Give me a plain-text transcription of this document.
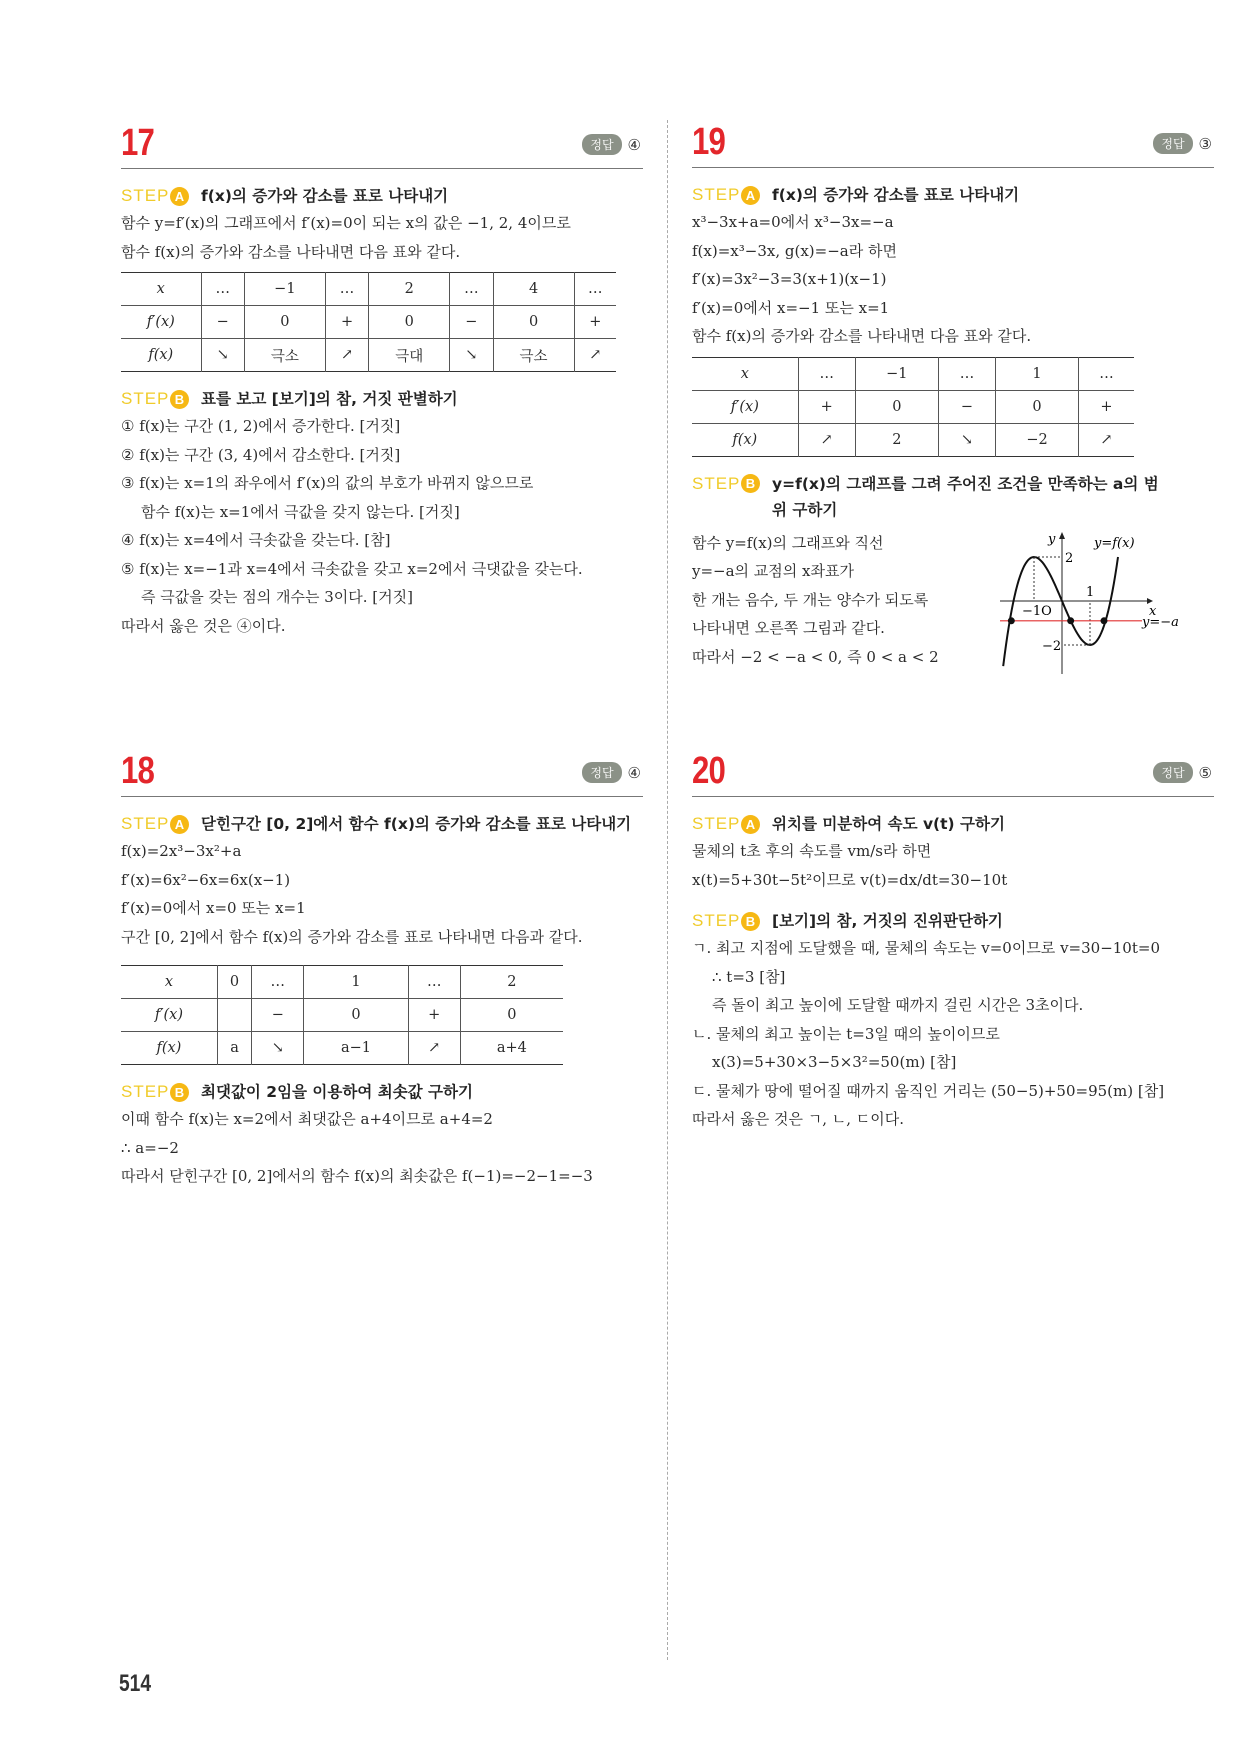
17	정답 ④
STEP A f(x)의 증가와 감소를 표로 나타내기
함수 y=f′(x)의 그래프에서 f′(x)=0이 되는 x의 값은 −1, 2, 4이므로
함수 f(x)의 증가와 감소를 나타내면 다음 표와 같다.
x	…	−1	…	2	…	4	…
f′(x)	−	0	+	0	−	0	+
f(x)	↘	극소	↗	극대	↘	극소	↗
STEP B 표를 보고 [보기]의 참, 거짓 판별하기
① f(x)는 구간 (1, 2)에서 증가한다. [거짓]
② f(x)는 구간 (3, 4)에서 감소한다. [거짓]
③ f(x)는 x=1의 좌우에서 f′(x)의 값의 부호가 바뀌지 않으므로
함수 f(x)는 x=1에서 극값을 갖지 않는다. [거짓]
④ f(x)는 x=4에서 극솟값을 갖는다. [참]
⑤ f(x)는 x=−1과 x=4에서 극솟값을 갖고 x=2에서 극댓값을 갖는다.
즉 극값을 갖는 점의 개수는 3이다. [거짓]
따라서 옳은 것은 ④이다.
18	정답 ④
STEP A 닫힌구간 [0, 2]에서 함수 f(x)의 증가와 감소를 표로 나타내기
f(x)=2x³−3x²+a
f′(x)=6x²−6x=6x(x−1)
f′(x)=0에서 x=0 또는 x=1
구간 [0, 2]에서 함수 f(x)의 증가와 감소를 표로 나타내면 다음과 같다.
x	0	…	1	…	2
f′(x)		−	0	+	0
f(x)	a	↘	a−1	↗	a+4
STEP B 최댓값이 2임을 이용하여 최솟값 구하기
이때 함수 f(x)는 x=2에서 최댓값은 a+4이므로 a+4=2
∴ a=−2
따라서 닫힌구간 [0, 2]에서의 함수 f(x)의 최솟값은 f(−1)=−2−1=−3
19	정답 ③
STEP A f(x)의 증가와 감소를 표로 나타내기
x³−3x+a=0에서 x³−3x=−a
f(x)=x³−3x, g(x)=−a라 하면
f′(x)=3x²−3=3(x+1)(x−1)
f′(x)=0에서 x=−1 또는 x=1
함수 f(x)의 증가와 감소를 나타내면 다음 표와 같다.
x	…	−1	…	1	…
f′(x)	+	0	−	0	+
f(x)	↗	2	↘	−2	↗
STEP B y=f(x)의 그래프를 그려 주어진 조건을 만족하는 a의 범위 구하기
함수 y=f(x)의 그래프와 직선
y=−a의 교점의 x좌표가
한 개는 음수, 두 개는 양수가 되도록
나타내면 오른쪽 그림과 같다.
따라서 −2 < −a < 0, 즉 0 < a < 2
y
x
y=f(x)
y=−a
2
−2
1
−1O
20	정답 ⑤
STEP A 위치를 미분하여 속도 v(t) 구하기
물체의 t초 후의 속도를 vm/s라 하면
x(t)=5+30t−5t²이므로 v(t)=dx/dt=30−10t
STEP B [보기]의 참, 거짓의 진위판단하기
ㄱ. 최고 지점에 도달했을 때, 물체의 속도는 v=0이므로 v=30−10t=0
∴ t=3 [참]
즉 돌이 최고 높이에 도달할 때까지 걸린 시간은 3초이다.
ㄴ. 물체의 최고 높이는 t=3일 때의 높이이므로
x(3)=5+30×3−5×3²=50(m) [참]
ㄷ. 물체가 땅에 떨어질 때까지 움직인 거리는 (50−5)+50=95(m) [참]
따라서 옳은 것은 ㄱ, ㄴ, ㄷ이다.
514
